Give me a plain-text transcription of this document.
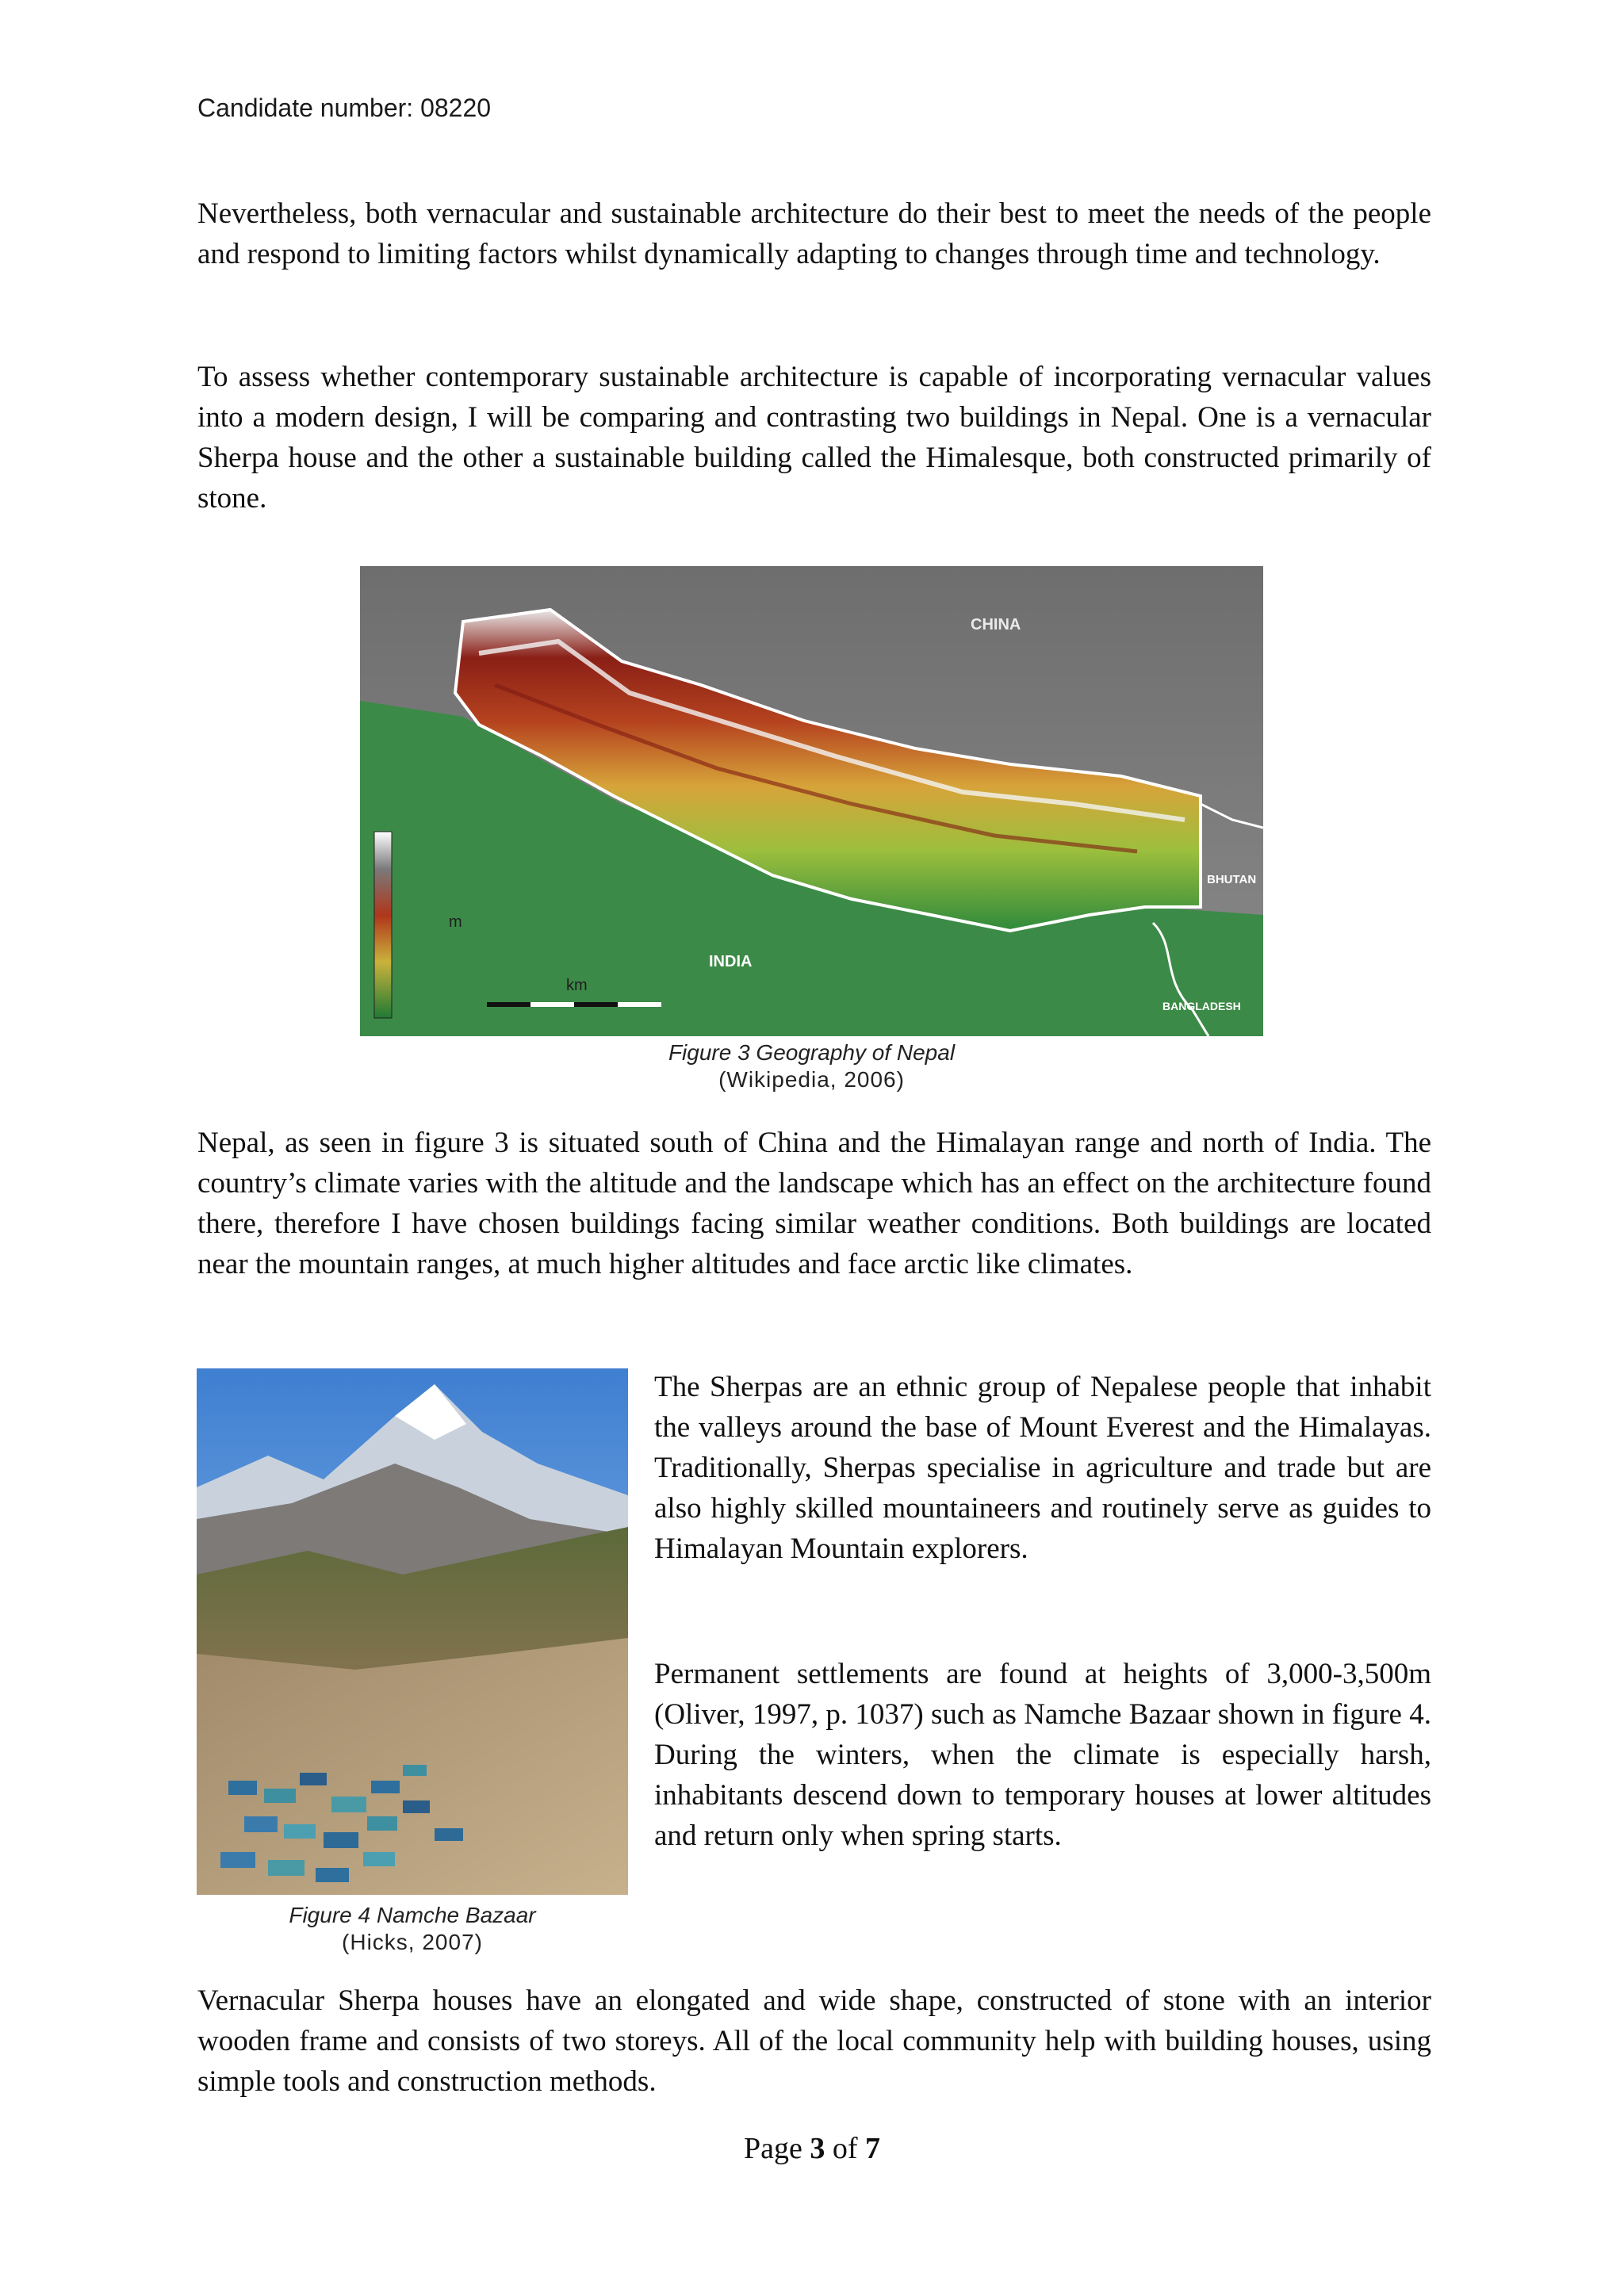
Candidate number: 08220

Nevertheless, both vernacular and sustainable architecture do their best to meet the needs of the people and respond to limiting factors whilst dynamically adapting to changes through time and technology.

To assess whether contemporary sustainable architecture is capable of incorporating vernacular values into a modern design, I will be comparing and contrasting two buildings in Nepal. One is a vernacular Sherpa house and the other a sustainable building called the Himalesque, both constructed primarily of stone.

CHINA
INDIA
BHUTAN
BANGLADESH
m
km
Figure 3 Geography of Nepal
(Wikipedia, 2006)

Nepal, as seen in figure 3 is situated south of China and the Himalayan range and north of India. The country’s climate varies with the altitude and the landscape which has an effect on the architecture found there, therefore I have chosen buildings facing similar weather conditions. Both buildings are located near the mountain ranges, at much higher altitudes and face arctic like climates.

Figure 4 Namche Bazaar
(Hicks, 2007)

The Sherpas are an ethnic group of Nepalese people that inhabit the valleys around the base of Mount Everest and the Himalayas. Traditionally, Sherpas specialise in agriculture and trade but are also highly skilled mountaineers and routinely serve as guides to Himalayan Mountain explorers.

Permanent settlements are found at heights of 3,000-3,500m (Oliver, 1997, p. 1037) such as Namche Bazaar shown in figure 4. During the winters, when the climate is especially harsh, inhabitants descend down to temporary houses at lower altitudes and return only when spring starts.

Vernacular Sherpa houses have an elongated and wide shape, constructed of stone with an interior wooden frame and consists of two storeys. All of the local community help with building houses, using simple tools and construction methods.

Page 3 of 7
